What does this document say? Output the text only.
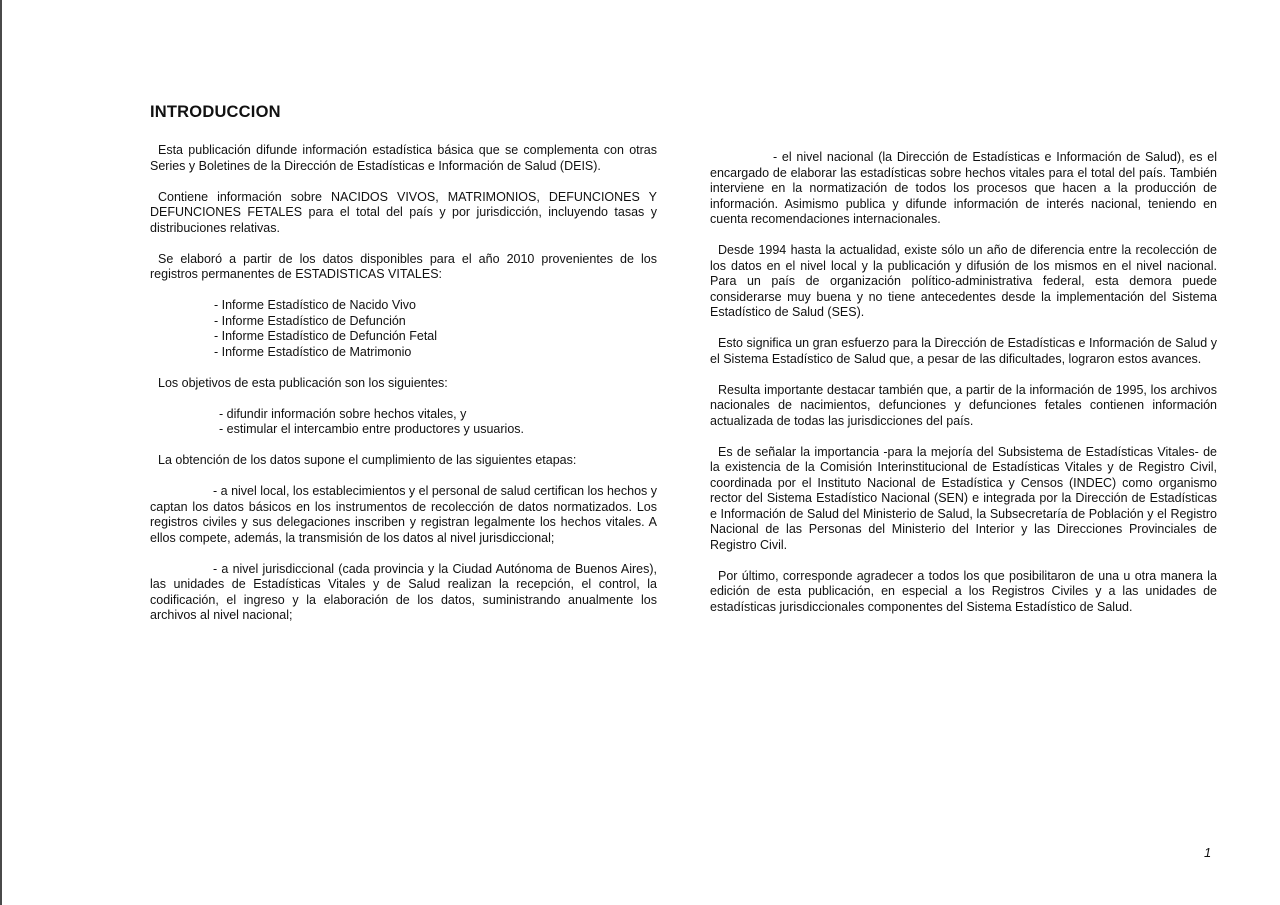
INTRODUCCION

Esta publicación difunde información estadística básica que se complementa con otras Series y Boletines de la Dirección de Estadísticas e Información de Salud (DEIS).

Contiene información sobre NACIDOS VIVOS, MATRIMONIOS, DEFUNCIONES Y DEFUNCIONES FETALES para el total del país y por jurisdicción, incluyendo tasas y distribuciones relativas.

Se elaboró a partir de los datos disponibles para el año 2010 provenientes de los registros permanentes de ESTADISTICAS VITALES:

- Informe Estadístico de Nacido Vivo
- Informe Estadístico de Defunción
- Informe Estadístico de Defunción Fetal
- Informe Estadístico de Matrimonio

Los objetivos de esta publicación son los siguientes:

- difundir información sobre hechos vitales, y
- estimular el intercambio entre productores y usuarios.

La obtención de los datos supone el cumplimiento de las siguientes etapas:

- a nivel local, los establecimientos y el personal de salud certifican los hechos y captan los datos básicos en los instrumentos de recolección de datos normatizados. Los registros civiles y sus delegaciones inscriben y registran legalmente los hechos vitales. A ellos compete, además, la transmisión de los datos al nivel jurisdiccional;

- a nivel jurisdiccional (cada provincia y la Ciudad Autónoma de Buenos Aires), las unidades de Estadísticas Vitales y de Salud realizan la recepción, el control, la codificación, el ingreso y la elaboración de los datos, suministrando anualmente los archivos al nivel nacional;

- el nivel nacional (la Dirección de Estadísticas e Información de Salud), es el encargado de elaborar las estadísticas sobre hechos vitales para el total del país. También interviene en la normatización de todos los procesos que hacen a la producción de información. Asimismo publica y difunde información de interés nacional, teniendo en cuenta recomendaciones internacionales.

Desde 1994 hasta la actualidad, existe sólo un año de diferencia entre la recolección de los datos en el nivel local y la publicación y difusión de los mismos en el nivel nacional. Para un país de organización político-administrativa federal, esta demora puede considerarse muy buena y no tiene antecedentes desde la implementación del Sistema Estadístico de Salud (SES).

Esto significa un gran esfuerzo para la Dirección de Estadísticas e Información de Salud y el Sistema Estadístico de Salud que, a pesar de las dificultades, lograron estos avances.

Resulta importante destacar también que, a partir de la información de 1995, los archivos nacionales de nacimientos, defunciones y defunciones fetales contienen información actualizada de todas las jurisdicciones del país.

Es de señalar la importancia -para la mejoría del Subsistema de Estadísticas Vitales- de la existencia de la Comisión Interinstitucional de Estadísticas Vitales y de Registro Civil, coordinada por el Instituto Nacional de Estadística y Censos (INDEC) como organismo rector del Sistema Estadístico Nacional (SEN) e integrada por la Dirección de Estadísticas e Información de Salud del Ministerio de Salud, la Subsecretaría de Población y el Registro Nacional de las Personas del Ministerio del Interior y las Direcciones Provinciales de Registro Civil.

Por último, corresponde agradecer a todos los que posibilitaron de una u otra manera la edición de esta publicación, en especial a los Registros Civiles y a las unidades de estadísticas jurisdiccionales componentes del Sistema Estadístico de Salud.

1
